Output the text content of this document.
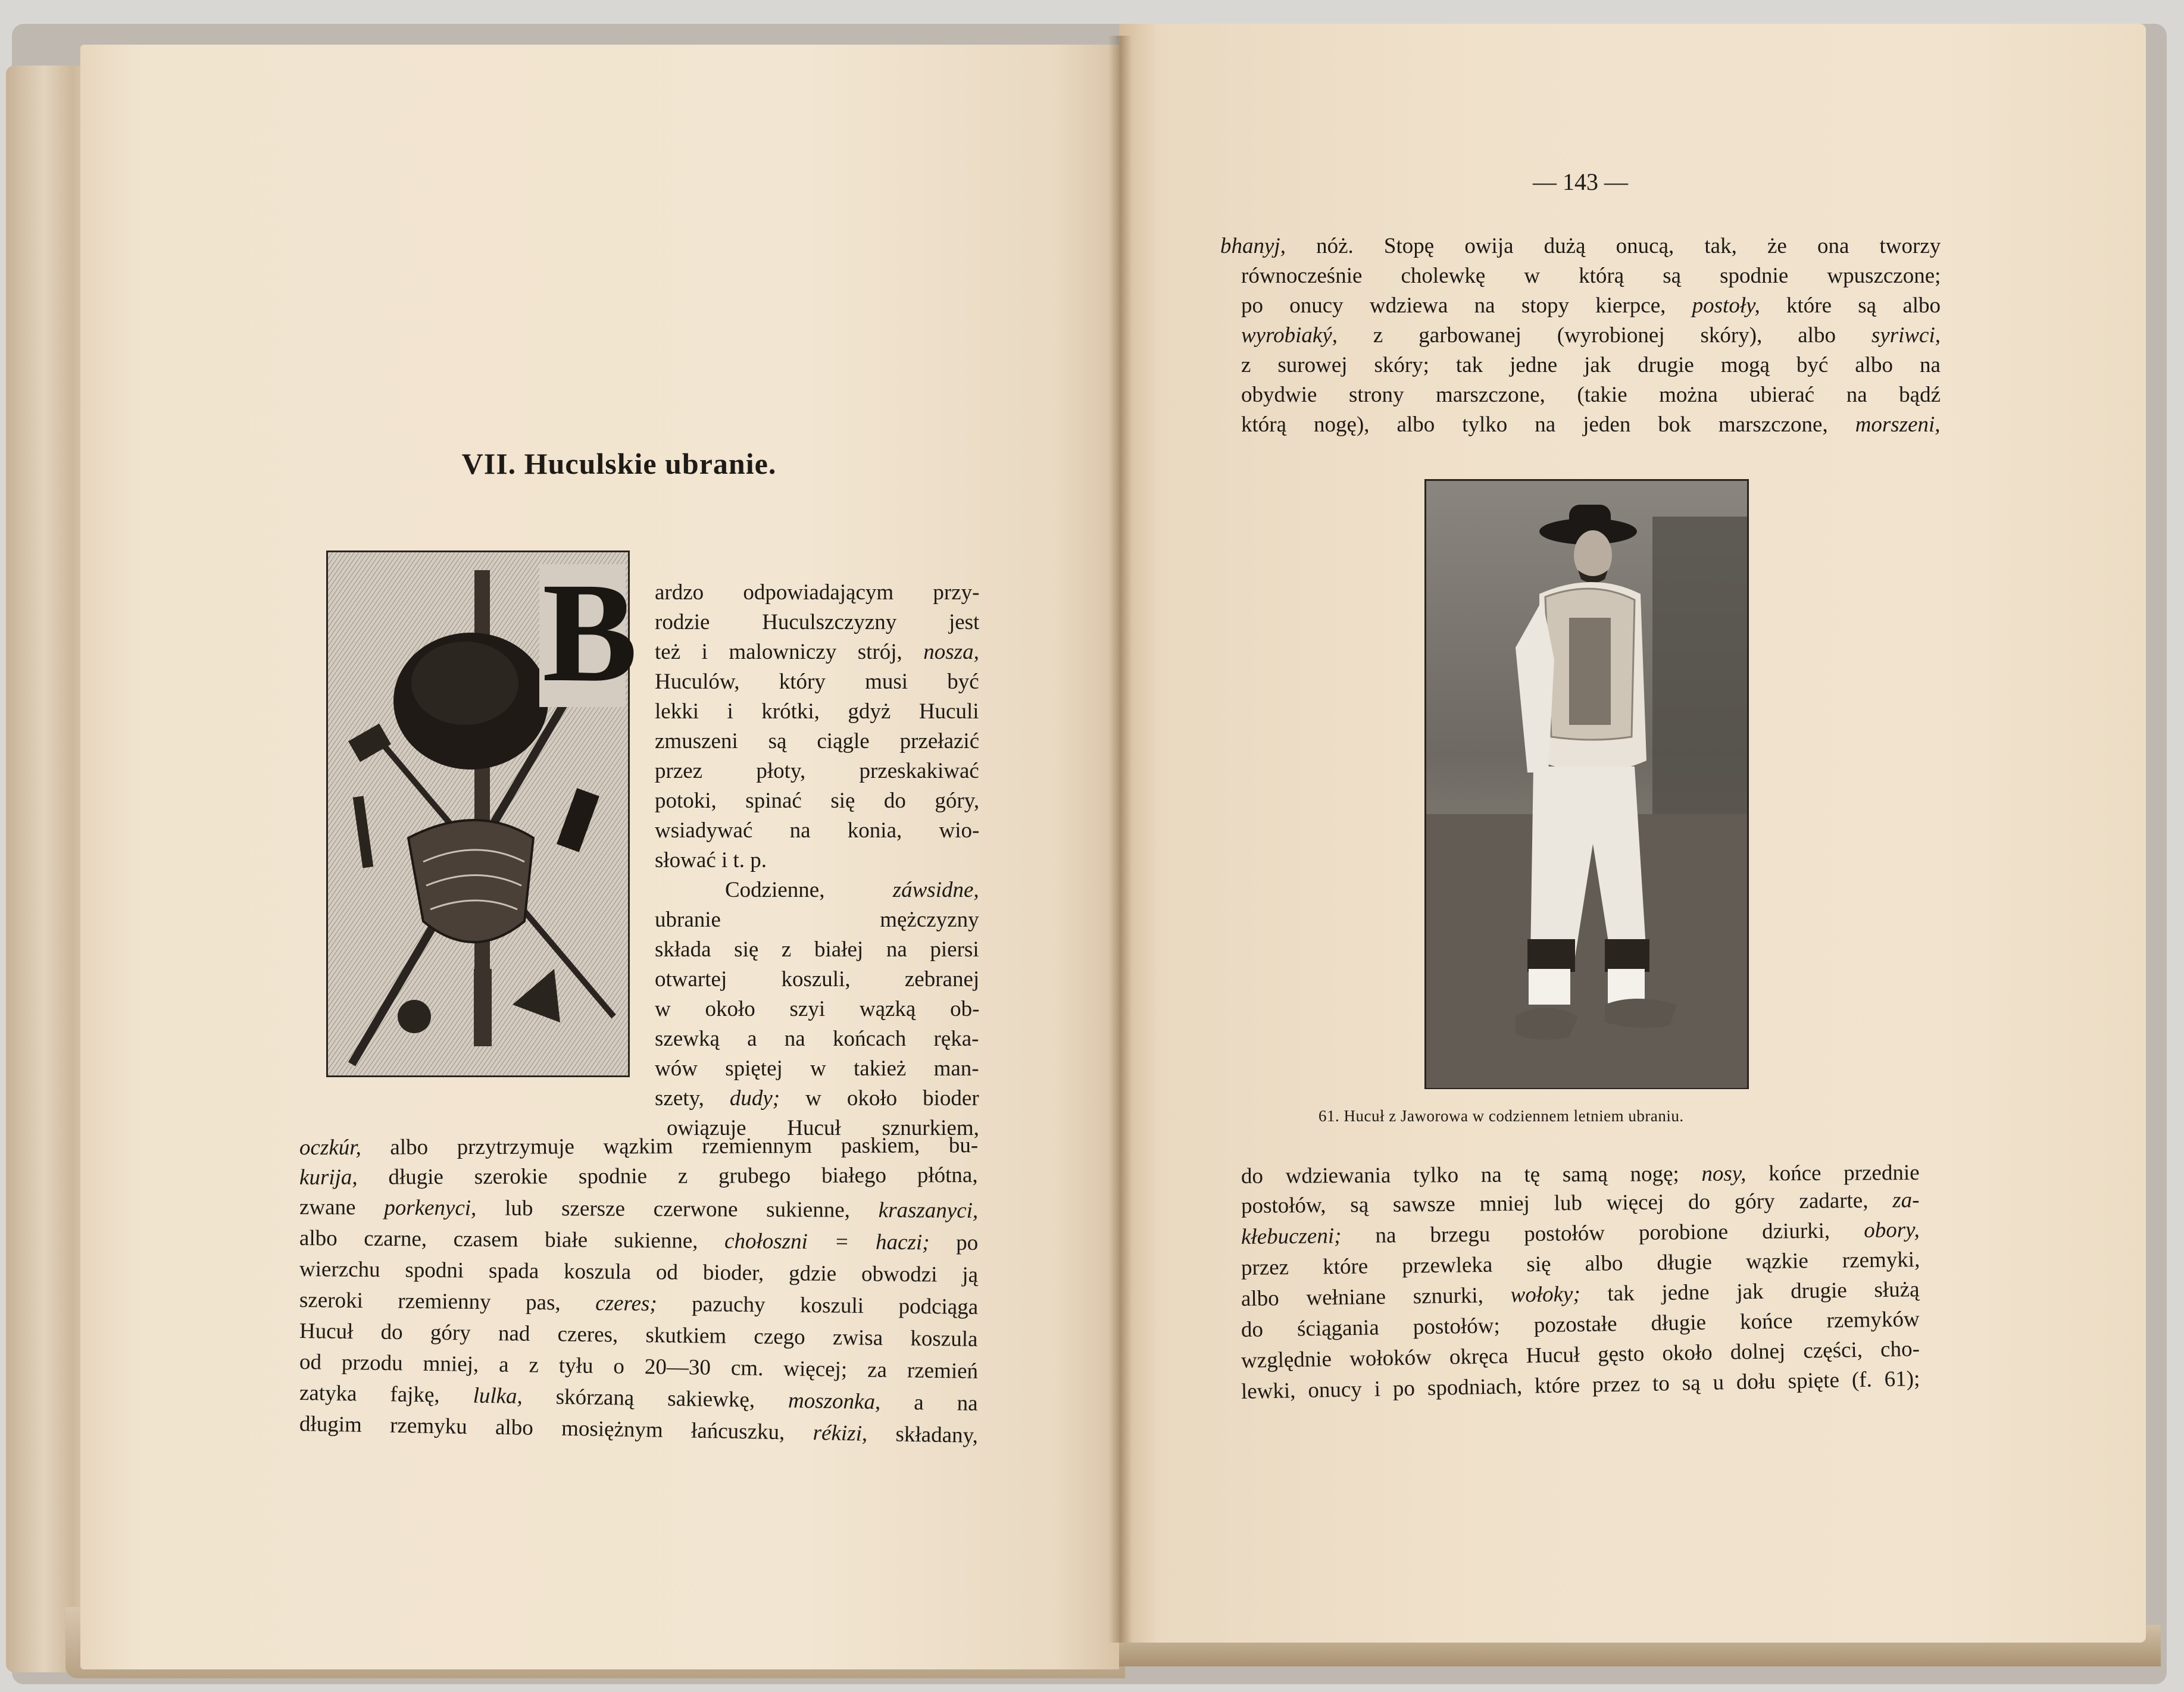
VII. Huculskie ubranie.
B ardzo odpowiadającym przy-
rodzie Huculszczyzny jest
też i malowniczy strój, nosza,
Huculów, który musi być
lekki i krótki, gdyż Huculi
zmuszeni są ciągle przełazić
przez płoty, przeskakiwać
potoki, spinać się do góry,
wsiadywać na konia, wio-
słować i t. p.
Codzienne, záwsidne,
ubranie mężczyzny
składa się z białej na piersi
otwartej koszuli, zebranej
w około szyi wązką ob-
szewką a na końcach ręka-
wów spiętej w takież man-
szety, dudy; w około bioder
owiązuje Hucuł sznurkiem,
oczkúr, albo przytrzymuje wązkim rzemiennym paskiem, bu-
kurija, długie szerokie spodnie z grubego białego płótna,
zwane porkenyci, lub szersze czerwone sukienne, kraszanyci,
albo czarne, czasem białe sukienne, chołoszni = haczi; po
wierzchu spodni spada koszula od bioder, gdzie obwodzi ją
szeroki rzemienny pas, czeres; pazuchy koszuli podciąga
Hucuł do góry nad czeres, skutkiem czego zwisa koszula
od przodu mniej, a z tyłu o 20—30 cm. więcej; za rzemień
zatyka fajkę, lulka, skórzaną sakiewkę, moszonka, a na
długim rzemyku albo mosiężnym łańcuszku, rékizi, składany,
— 143 —
bhanyj, nóż. Stopę owija dużą onucą, tak, że ona tworzy
równocześnie cholewkę w którą są spodnie wpuszczone;
po onucy wdziewa na stopy kierpce, postoły, które są albo
wyrobiaký, z garbowanej (wyrobionej skóry), albo syriwci,
z surowej skóry; tak jedne jak drugie mogą być albo na
obydwie strony marszczone, (takie można ubierać na bądź
którą nogę), albo tylko na jeden bok marszczone, morszeni,
61. Hucuł z Jaworowa w codziennem letniem ubraniu.
do wdziewania tylko na tę samą nogę; nosy, końce przednie
postołów, są sawsze mniej lub więcej do góry zadarte, za-
kłebuczeni; na brzegu postołów porobione dziurki, obory,
przez które przewleka się albo długie wązkie rzemyki,
albo wełniane sznurki, wołoky; tak jedne jak drugie służą
do ściągania postołów; pozostałe długie końce rzemyków
względnie wołoków okręca Hucuł gęsto około dolnej części, cho-
lewki, onucy i po spodniach, które przez to są u dołu spięte (f. 61);
